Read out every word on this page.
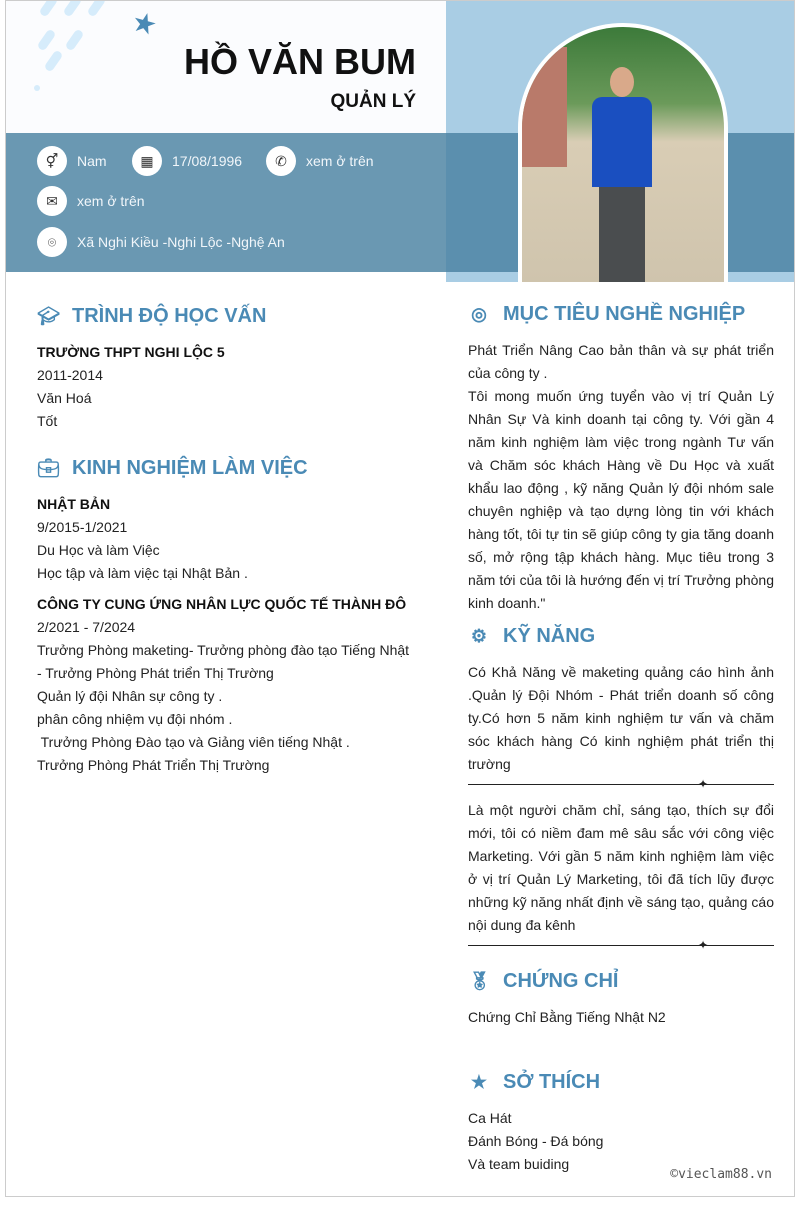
★
HỒ VĂN BUM
QUẢN LÝ
⚥	Nam	▦	17/08/1996	✆	xem ở trên
✉	xem ở trên
⌾	Xã Nghi Kiều -Nghi Lộc -Nghệ An
🎓︎ TRÌNH ĐỘ HỌC VẤN
TRƯỜNG THPT NGHI LỘC 5
2011-2014
Văn Hoá
Tốt
💼︎ KINH NGHIỆM LÀM VIỆC
NHẬT BẢN
9/2015-1/2021
Du Học và làm Việc
Học tập và làm việc tại Nhật Bản .
CÔNG TY CUNG ỨNG NHÂN LỰC QUỐC TẾ THÀNH ĐÔ
2/2021 - 7/2024
Trưởng Phòng maketing- Trưởng phòng đào tạo Tiếng Nhật
- Trưởng Phòng Phát triển Thị Trường
Quản lý đội Nhân sự công ty .
phân công nhiệm vụ đội nhóm .
Trưởng Phòng Đào tạo và Giảng viên tiếng Nhật .
Trưởng Phòng Phát Triển Thị Trường
◎ MỤC TIÊU NGHỀ NGHIỆP
Phát Triển Nâng Cao bản thân và sự phát triển của công ty .
Tôi mong muốn ứng tuyển vào vị trí Quản Lý Nhân Sự Và kinh doanh tại công ty. Với gần 4 năm kinh nghiệm làm việc trong ngành Tư vấn và Chăm sóc khách Hàng về Du Học và xuất khẩu lao động , kỹ năng Quản lý đội nhóm sale chuyên nghiệp và tạo dựng lòng tin với khách hàng tốt, tôi tự tin sẽ giúp công ty gia tăng doanh số, mở rộng tập khách hàng. Mục tiêu trong 3 năm tới của tôi là hướng đến vị trí Trưởng phòng kinh doanh."
⚙ KỸ NĂNG
Có Khả Năng về maketing quảng cáo hình ảnh .Quản lý Đội Nhóm - Phát triển doanh số công ty.Có hơn 5 năm kinh nghiệm tư vấn và chăm sóc khách hàng Có kinh nghiệm phát triển thị trường
✦
Là một người chăm chỉ, sáng tạo, thích sự đổi mới, tôi có niềm đam mê sâu sắc với công việc Marketing. Với gần 5 năm kinh nghiệm làm việc ở vị trí Quản Lý Marketing, tôi đã tích lũy được những kỹ năng nhất định về sáng tạo, quảng cáo nội dung đa kênh
✦
🏅︎ CHỨNG CHỈ
Chứng Chỉ Bằng Tiếng Nhật N2
★ SỞ THÍCH
Ca Hát
Đánh Bóng - Đá bóng
Và team buiding
©vieclam88.vn
